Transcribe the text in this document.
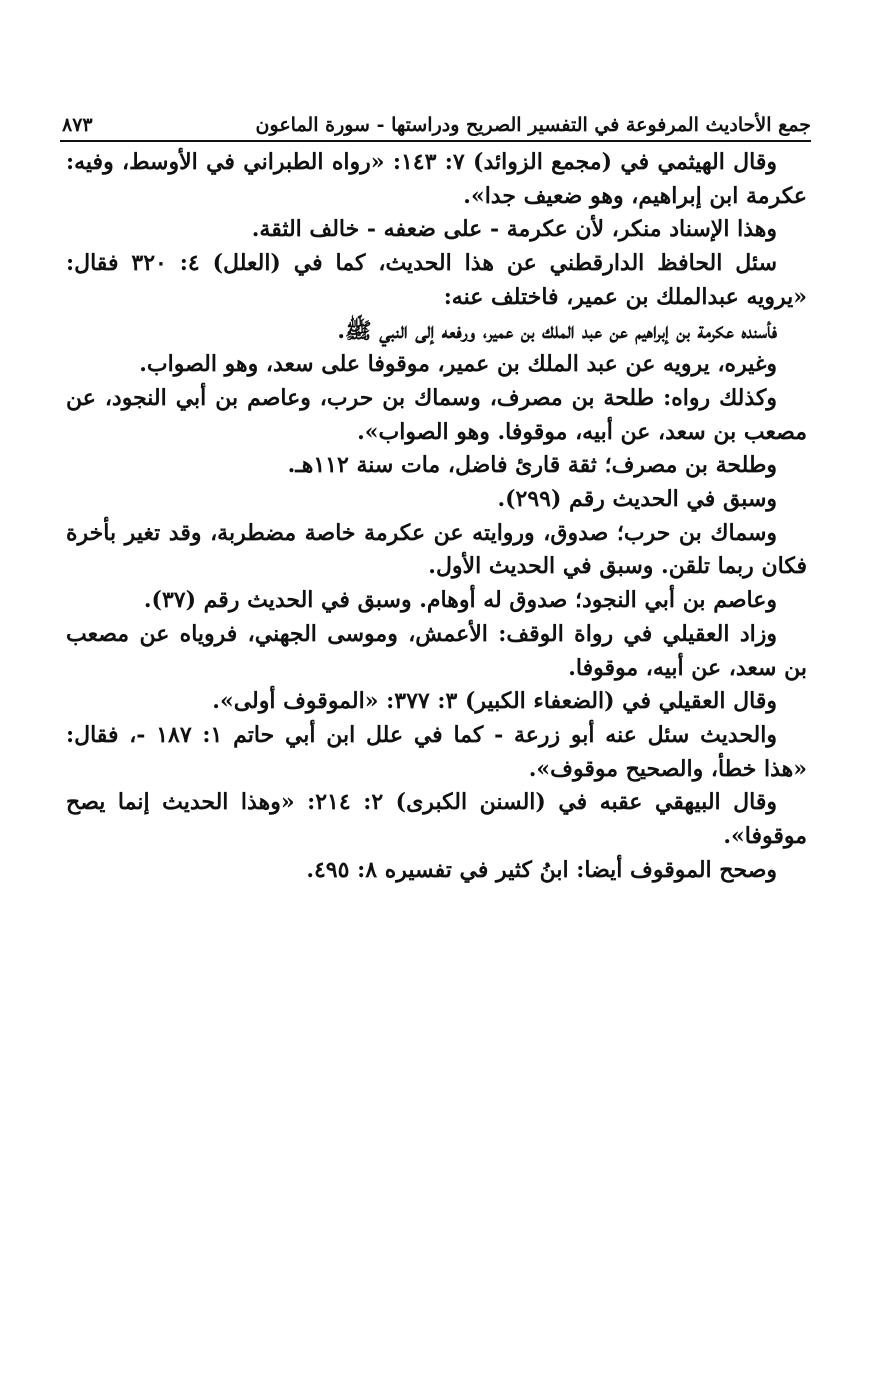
جمع الأحاديث المرفوعة في التفسير الصريح ودراستها - سورة الماعون
٨٧٣

وقال الهيثمي في (مجمع الزوائد) ٧: ١٤٣: «رواه الطبراني في الأوسط، وفيه: عكرمة ابن إبراهيم، وهو ضعيف جدا».

وهذا الإسناد منكر، لأن عكرمة - على ضعفه - خالف الثقة.

سئل الحافظ الدارقطني عن هذا الحديث، كما في (العلل) ٤: ٣٢٠ فقال: «يرويه عبدالملك بن عمير، فاختلف عنه:

فأسنده عكرمة بن إبراهيم عن عبد الملك بن عمير، ورفعه إلى النبي ﷺ.

وغيره، يرويه عن عبد الملك بن عمير، موقوفا على سعد، وهو الصواب.

وكذلك رواه: طلحة بن مصرف، وسماك بن حرب، وعاصم بن أبي النجود، عن مصعب بن سعد، عن أبيه، موقوفا. وهو الصواب».

وطلحة بن مصرف؛ ثقة قارئ فاضل، مات سنة ١١٢هـ.

وسبق في الحديث رقم (٢٩٩).

وسماك بن حرب؛ صدوق، وروايته عن عكرمة خاصة مضطربة، وقد تغير بأخرة فكان ربما تلقن. وسبق في الحديث الأول.

وعاصم بن أبي النجود؛ صدوق له أوهام. وسبق في الحديث رقم (٣٧).

وزاد العقيلي في رواة الوقف: الأعمش، وموسى الجهني، فروياه عن مصعب بن سعد، عن أبيه، موقوفا.

وقال العقيلي في (الضعفاء الكبير) ٣: ٣٧٧: «الموقوف أولى».

والحديث سئل عنه أبو زرعة - كما في علل ابن أبي حاتم ١: ١٨٧ -، فقال: «هذا خطأ، والصحيح موقوف».

وقال البيهقي عقبه في (السنن الكبرى) ٢: ٢١٤: «وهذا الحديث إنما يصح موقوفا».

وصحح الموقوف أيضا: ابنُ كثير في تفسيره ٨: ٤٩٥.
